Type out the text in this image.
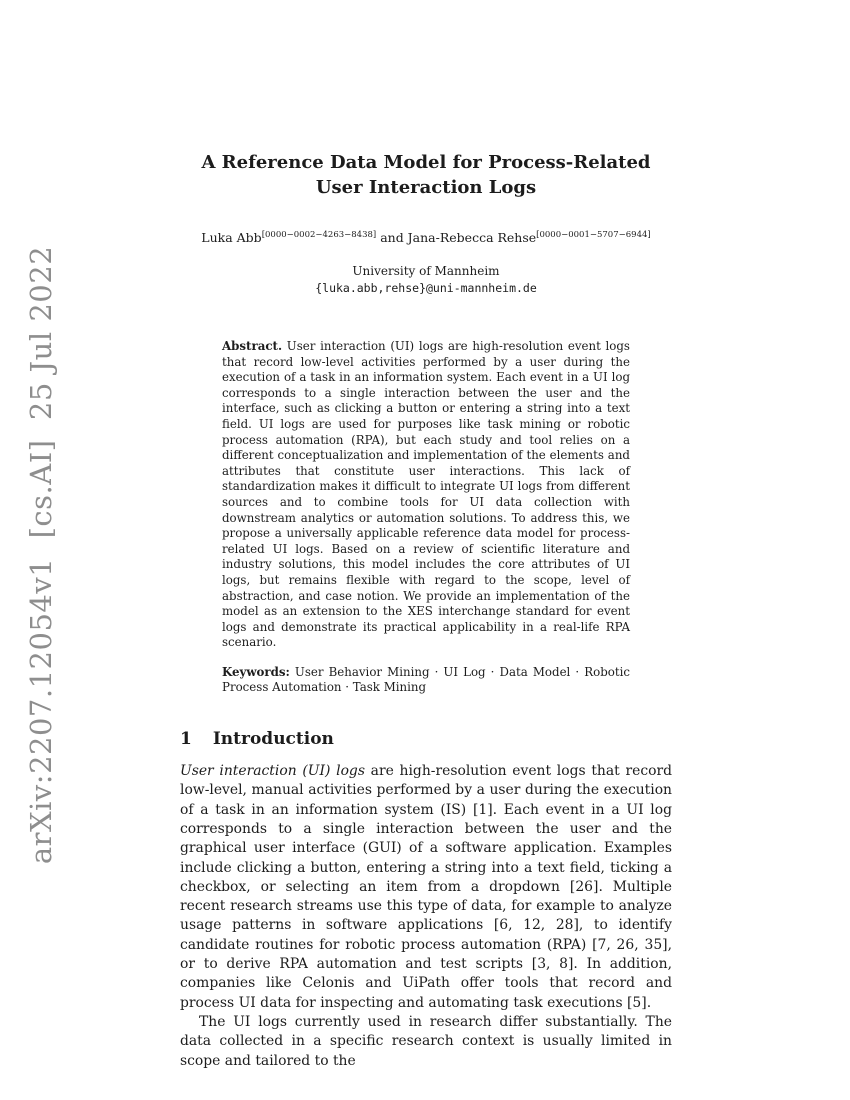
arXiv:2207.12054v1  [cs.AI]  25 Jul 2022
A Reference Data Model for Process-Related
User Interaction Logs
Luka Abb[0000−0002−4263−8438] and Jana-Rebecca Rehse[0000−0001−5707−6944]
University of Mannheim
{luka.abb,rehse}@uni-mannheim.de
Abstract. User interaction (UI) logs are high-resolution event logs that record low-level activities performed by a user during the execution of a task in an information system. Each event in a UI log corresponds to a single interaction between the user and the interface, such as clicking a button or entering a string into a text field. UI logs are used for purposes like task mining or robotic process automation (RPA), but each study and tool relies on a different conceptualization and implementation of the elements and attributes that constitute user interactions. This lack of standardization makes it difficult to integrate UI logs from different sources and to combine tools for UI data collection with downstream analytics or automation solutions. To address this, we propose a universally applicable reference data model for process-related UI logs. Based on a review of scientific literature and industry solutions, this model includes the core attributes of UI logs, but remains flexible with regard to the scope, level of abstraction, and case notion. We provide an implementation of the model as an extension to the XES interchange standard for event logs and demonstrate its practical applicability in a real-life RPA scenario.
Keywords: User Behavior Mining · UI Log · Data Model · Robotic Process Automation · Task Mining
1 Introduction

User interaction (UI) logs are high-resolution event logs that record low-level, manual activities performed by a user during the execution of a task in an information system (IS) [1]. Each event in a UI log corresponds to a single interaction between the user and the graphical user interface (GUI) of a software application. Examples include clicking a button, entering a string into a text field, ticking a checkbox, or selecting an item from a dropdown [26]. Multiple recent research streams use this type of data, for example to analyze usage patterns in software applications [6, 12, 28], to identify candidate routines for robotic process automation (RPA) [7, 26, 35], or to derive RPA automation and test scripts [3, 8]. In addition, companies like Celonis and UiPath offer tools that record and process UI data for inspecting and automating task executions [5].

The UI logs currently used in research differ substantially. The data collected in a specific research context is usually limited in scope and tailored to the
